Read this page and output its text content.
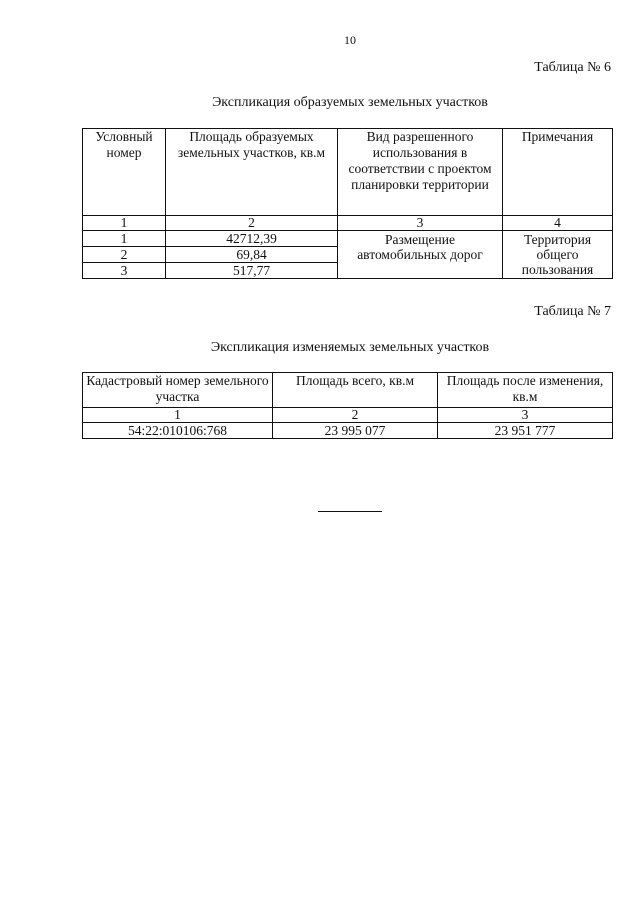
10
Таблица № 6
Экспликация образуемых земельных участков
Условный номер	Площадь образуемых земельных участков, кв.м	Вид разрешенного использования в соответствии с проектом планировки территории	Примечания
1	2	3	4
1	42712,39	Размещение автомобильных дорог	Территория общего пользования
2	69,84		
3	517,77		
Таблица № 7
Экспликация изменяемых земельных участков
Кадастровый номер земельного участка	Площадь всего, кв.м	Площадь после изменения, кв.м
1	2	3
54:22:010106:768	23 995 077	23 951 777
